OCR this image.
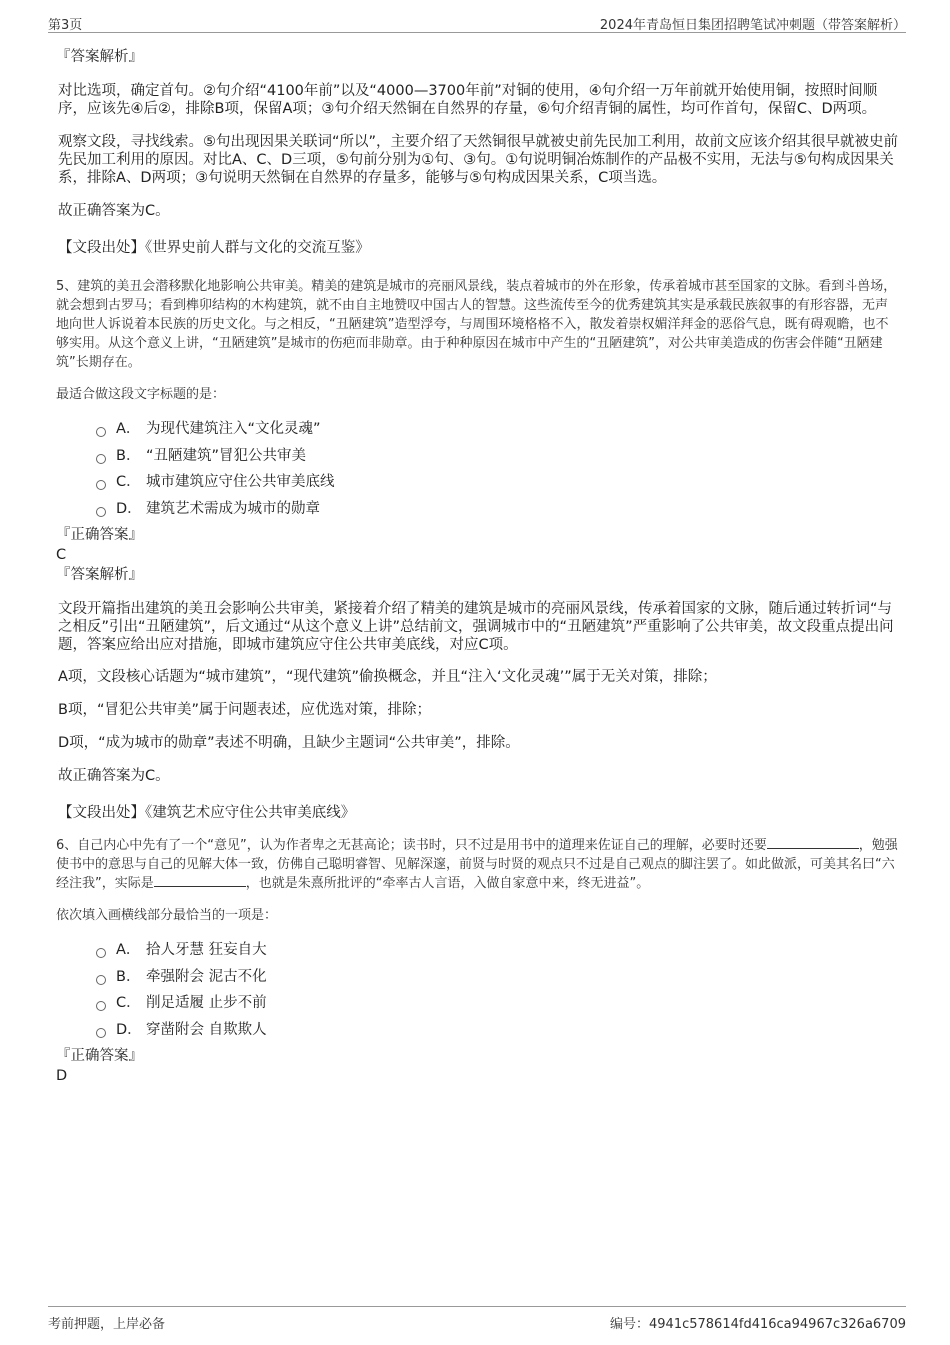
第3页	2024年青岛恒日集团招聘笔试冲刺题（带答案解析）

『答案解析』

对比选项，确定首句。②句介绍“4100年前”以及“4000—3700年前”对铜的使用，④句介绍一万年前就开始使用铜，按照时间顺序，应该先④后②，排除B项，保留A项；③句介绍天然铜在自然界的存量，⑥句介绍青铜的属性，均可作首句，保留C、D两项。

观察文段，寻找线索。⑤句出现因果关联词“所以”，主要介绍了天然铜很早就被史前先民加工利用，故前文应该介绍其很早就被史前先民加工利用的原因。对比A、C、D三项，⑤句前分别为①句、③句。①句说明铜冶炼制作的产品极不实用，无法与⑤句构成因果关系，排除A、D两项；③句说明天然铜在自然界的存量多，能够与⑤句构成因果关系，C项当选。

故正确答案为C。

【文段出处】《世界史前人群与文化的交流互鉴》

5、建筑的美丑会潜移默化地影响公共审美。精美的建筑是城市的亮丽风景线，装点着城市的外在形象，传承着城市甚至国家的文脉。看到斗兽场，就会想到古罗马；看到榫卯结构的木构建筑，就不由自主地赞叹中国古人的智慧。这些流传至今的优秀建筑其实是承载民族叙事的有形容器，无声地向世人诉说着本民族的历史文化。与之相反，“丑陋建筑”造型浮夸，与周围环境格格不入，散发着崇权媚洋拜金的恶俗气息，既有碍观瞻，也不够实用。从这个意义上讲，“丑陋建筑”是城市的伤疤而非勋章。由于种种原因在城市中产生的“丑陋建筑”，对公共审美造成的伤害会伴随“丑陋建筑”长期存在。

最适合做这段文字标题的是：

A． 为现代建筑注入“文化灵魂”
B． “丑陋建筑”冒犯公共审美
C． 城市建筑应守住公共审美底线
D． 建筑艺术需成为城市的勋章

『正确答案』

C

『答案解析』

文段开篇指出建筑的美丑会影响公共审美，紧接着介绍了精美的建筑是城市的亮丽风景线，传承着国家的文脉，随后通过转折词“与之相反”引出“丑陋建筑”，后文通过“从这个意义上讲”总结前文，强调城市中的“丑陋建筑”严重影响了公共审美，故文段重点提出问题，答案应给出应对措施，即城市建筑应守住公共审美底线，对应C项。

A项，文段核心话题为“城市建筑”，“现代建筑”偷换概念，并且“注入‘文化灵魂’”属于无关对策，排除；

B项，“冒犯公共审美”属于问题表述，应优选对策，排除；

D项，“成为城市的勋章”表述不明确，且缺少主题词“公共审美”，排除。

故正确答案为C。

【文段出处】《建筑艺术应守住公共审美底线》

6、自己内心中先有了一个“意见”，认为作者卑之无甚高论；读书时，只不过是用书中的道理来佐证自己的理解，必要时还要	，勉强使书中的意思与自己的见解大体一致，仿佛自己聪明睿智、见解深邃，前贤与时贤的观点只不过是自己观点的脚注罢了。如此做派，可美其名曰“六经注我”，实际是	，也就是朱熹所批评的“牵率古人言语，入做自家意中来，终无进益”。

依次填入画横线部分最恰当的一项是：

A． 拾人牙慧 狂妄自大
B． 牵强附会 泥古不化
C． 削足适履 止步不前
D． 穿凿附会 自欺欺人

『正确答案』

D

考前押题，上岸必备	编号：4941c578614fd416ca94967c326a6709
